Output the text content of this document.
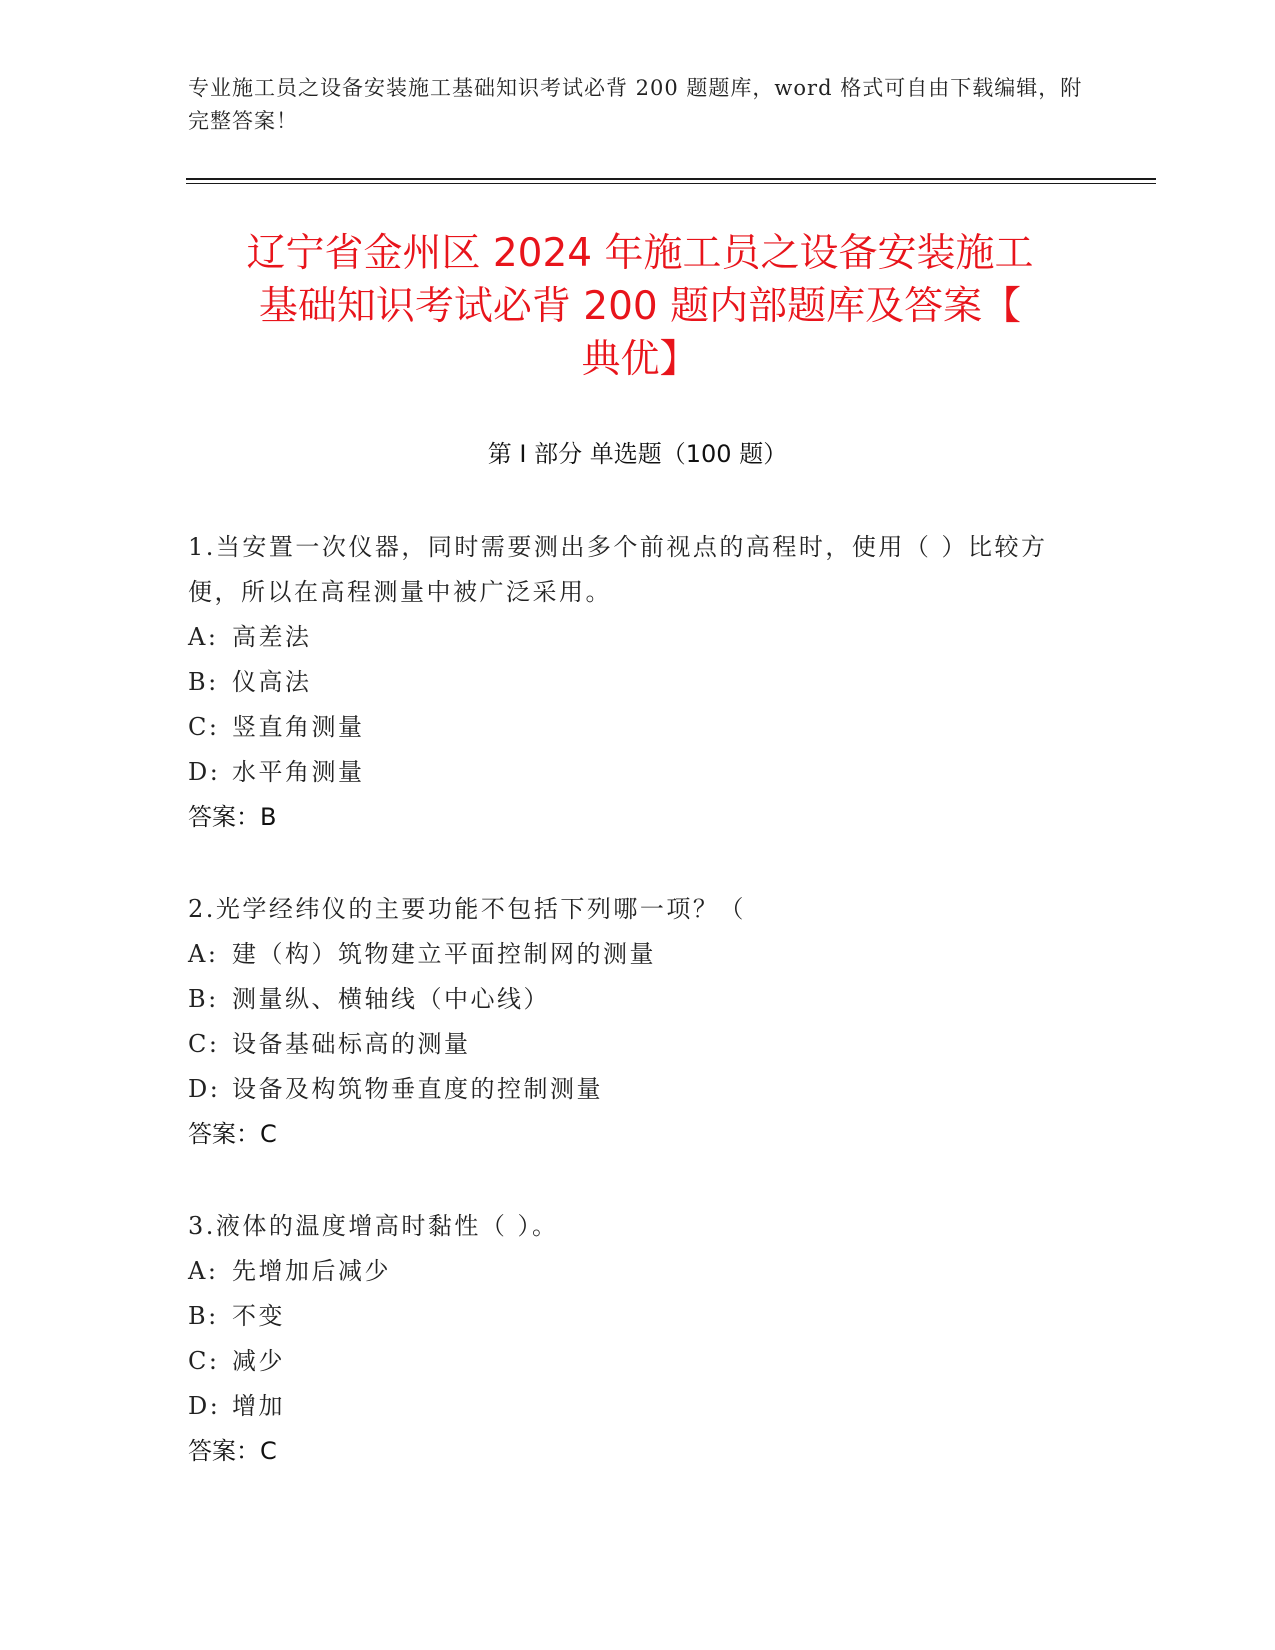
专业施工员之设备安装施工基础知识考试必背 200 题题库，word 格式可自由下载编辑，附完整答案！
辽宁省金州区 2024 年施工员之设备安装施工
基础知识考试必背 200 题内部题库及答案【
典优】
第 I 部分 单选题（100 题）
1.当安置一次仪器，同时需要测出多个前视点的高程时，使用（ ）比较方便，所以在高程测量中被广泛采用。
A: 高差法
B: 仪高法
C: 竖直角测量
D: 水平角测量
答案：B
2.光学经纬仪的主要功能不包括下列哪一项？（
A: 建（构）筑物建立平面控制网的测量
B: 测量纵、横轴线（中心线）
C: 设备基础标高的测量
D: 设备及构筑物垂直度的控制测量
答案：C
3.液体的温度增高时黏性（ ）。
A: 先增加后减少
B: 不变
C: 减少
D: 增加
答案：C
